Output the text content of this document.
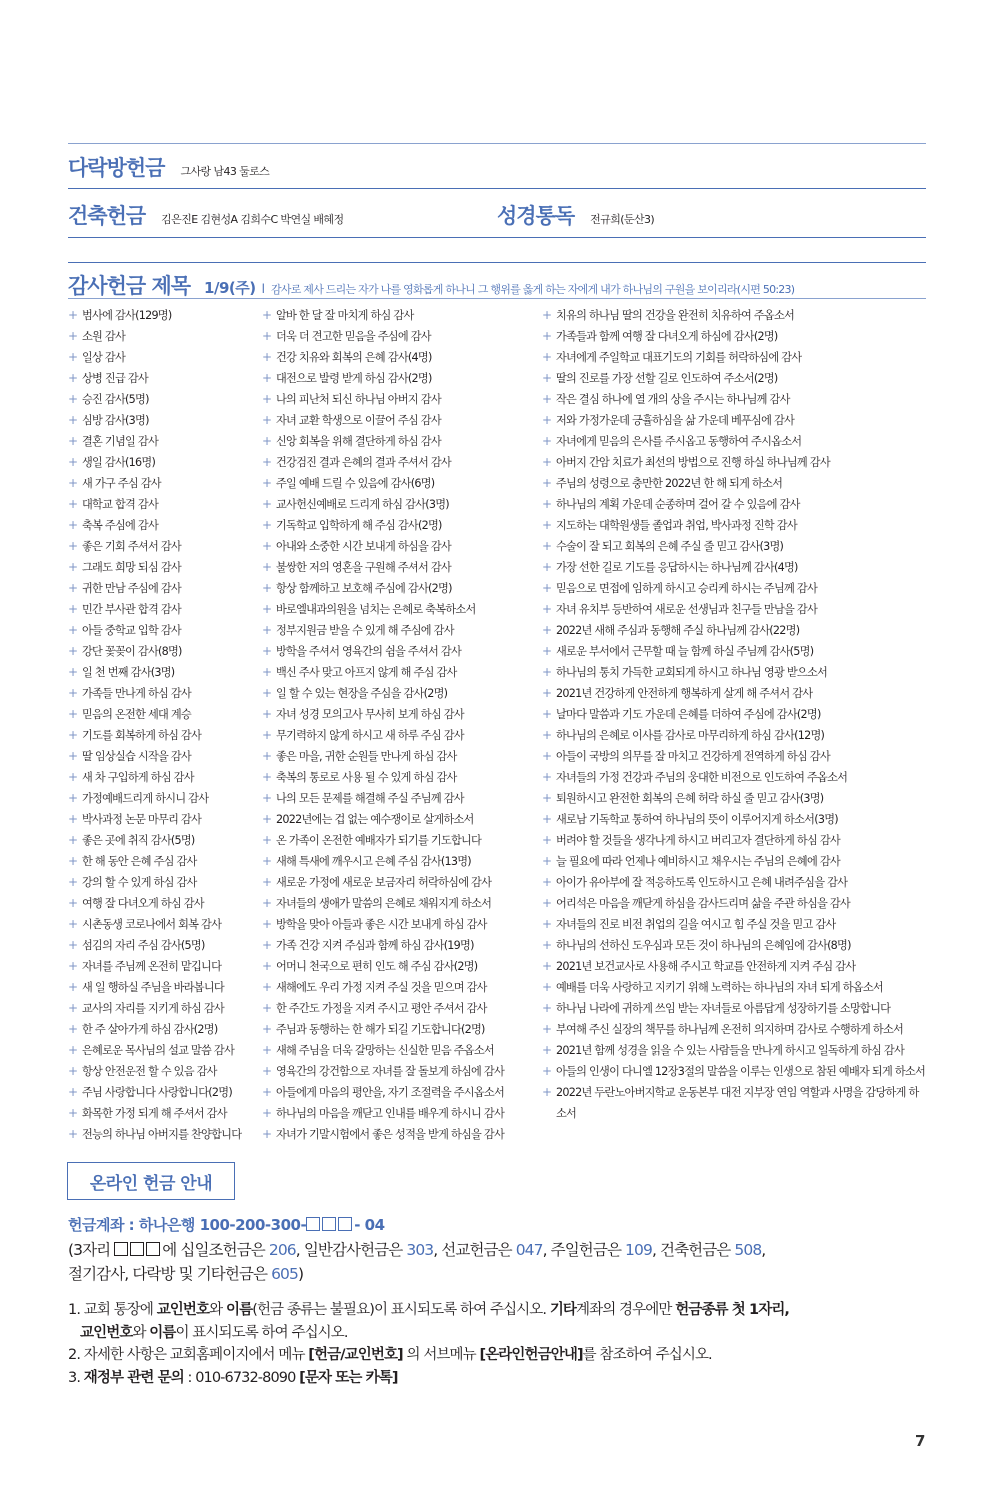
다락방헌금 그사랑 남43 둘로스
건축헌금 김은진E 김현성A 김희수C 박연실 배혜정	성경통독 전규희(둔산3)
감사헌금 제목 1/9(주) l 감사로 제사 드리는 자가 나를 영화롭게 하나니 그 행위를 옳게 하는 자에게 내가 하나님의 구원을 보이리라(시편 50:23)
+ 범사에 감사(129명)
+ 소원 감사
+ 일상 감사
+ 상병 진급 감사
+ 승진 감사(5명)
+ 심방 감사(3명)
+ 결혼 기념일 감사
+ 생일 감사(16명)
+ 새 가구 주심 감사
+ 대학교 합격 감사
+ 축복 주심에 감사
+ 좋은 기회 주셔서 감사
+ 그래도 희망 되심 감사
+ 귀한 만남 주심에 감사
+ 민간 부사관 합격 감사
+ 아들 중학교 입학 감사
+ 강단 꽃꽂이 감사(8명)
+ 일 천 번째 감사(3명)
+ 가족들 만나게 하심 감사
+ 믿음의 온전한 세대 계승
+ 기도를 회복하게 하심 감사
+ 딸 임상실습 시작을 감사
+ 새 차 구입하게 하심 감사
+ 가정예배드리게 하시니 감사
+ 박사과정 논문 마무리 감사
+ 좋은 곳에 취직 감사(5명)
+ 한 해 동안 은혜 주심 감사
+ 강의 할 수 있게 하심 감사
+ 여행 잘 다녀오게 하심 감사
+ 시촌동생 코로나에서 회복 감사
+ 섬김의 자리 주심 감사(5명)
+ 자녀를 주님께 온전히 맡깁니다
+ 새 일 행하실 주님을 바라봅니다
+ 교사의 자리를 지키게 하심 감사
+ 한 주 살아가게 하심 감사(2명)
+ 은혜로운 목사님의 설교 말씀 감사
+ 항상 안전운전 할 수 있음 감사
+ 주님 사랑합니다 사랑합니다(2명)
+ 화목한 가정 되게 해 주셔서 감사
+ 전능의 하나님 아버지를 찬양합니다
+ 알바 한 달 잘 마치게 하심 감사
+ 더욱 더 견고한 믿음을 주심에 감사
+ 건강 치유와 회복의 은혜 감사(4명)
+ 대전으로 발령 받게 하심 감사(2명)
+ 나의 피난처 되신 하나님 아버지 감사
+ 자녀 교환 학생으로 이끌어 주심 감사
+ 신앙 회복을 위해 결단하게 하심 감사
+ 건강검진 결과 은혜의 결과 주셔서 감사
+ 주일 예배 드릴 수 있음에 감사(6명)
+ 교사헌신예배로 드리게 하심 감사(3명)
+ 기독학교 입학하게 해 주심 감사(2명)
+ 아내와 소중한 시간 보내게 하심을 감사
+ 불쌍한 저의 영혼을 구원해 주셔서 감사
+ 항상 함께하고 보호해 주심에 감사(2명)
+ 바로엘내과의원을 넘치는 은혜로 축복하소서
+ 정부지원금 받을 수 있게 해 주심에 감사
+ 방학을 주셔서 영육간의 쉼을 주셔서 감사
+ 백신 주사 맞고 아프지 않게 해 주심 감사
+ 일 할 수 있는 현장을 주심을 감사(2명)
+ 자녀 성경 모의고사 무사히 보게 하심 감사
+ 무기력하지 않게 하시고 새 하루 주심 감사
+ 좋은 마을, 귀한 순원들 만나게 하심 감사
+ 축복의 통로로 사용 될 수 있게 하심 감사
+ 나의 모든 문제를 해결해 주실 주님께 감사
+ 2022년에는 겁 없는 예수쟁이로 살게하소서
+ 온 가족이 온전한 예배자가 되기를 기도합니다
+ 새해 특새에 깨우시고 은혜 주심 감사(13명)
+ 새로운 가정에 새로운 보금자리 허락하심에 감사
+ 자녀들의 생애가 말씀의 은혜로 채워지게 하소서
+ 방학을 맞아 아들과 좋은 시간 보내게 하심 감사
+ 가족 건강 지켜 주심과 함께 하심 감사(19명)
+ 어머니 천국으로 편히 인도 해 주심 감사(2명)
+ 새해에도 우리 가정 지켜 주실 것을 믿으며 감사
+ 한 주간도 가정을 지켜 주시고 평안 주셔서 감사
+ 주님과 동행하는 한 해가 되길 기도합니다(2명)
+ 새해 주님을 더욱 갈망하는 신실한 믿음 주옵소서
+ 영육간의 강건함으로 자녀를 잘 돌보게 하심에 감사
+ 아들에게 마음의 평안을, 자기 조절력을 주시옵소서
+ 하나님의 마음을 깨닫고 인내를 배우게 하시니 감사
+ 자녀가 기말시험에서 좋은 성적을 받게 하심을 감사
+ 치유의 하나님 딸의 건강을 완전히 치유하여 주옵소서
+ 가족들과 함께 여행 잘 다녀오게 하심에 감사(2명)
+ 자녀에게 주일학교 대표기도의 기회를 허락하심에 감사
+ 딸의 진로를 가장 선할 길로 인도하여 주소서(2명)
+ 작은 결심 하나에 열 개의 상을 주시는 하나님께 감사
+ 저와 가정가운데 긍휼하심을 삶 가운데 베푸심에 감사
+ 자녀에게 믿음의 은사를 주시옵고 동행하여 주시옵소서
+ 아버지 간암 치료가 최선의 방법으로 진행 하실 하나님께 감사
+ 주님의 성령으로 충만한 2022년 한 해 되게 하소서
+ 하나님의 계획 가운데 순종하며 걸어 갈 수 있음에 감사
+ 지도하는 대학원생들 졸업과 취업, 박사과정 진학 감사
+ 수술이 잘 되고 회복의 은혜 주실 줄 믿고 감사(3명)
+ 가장 선한 길로 기도를 응답하시는 하나님께 감사(4명)
+ 믿음으로 면접에 임하게 하시고 승리케 하시는 주님께 감사
+ 자녀 유치부 등반하여 새로운 선생님과 친구들 만남을 감사
+ 2022년 새해 주심과 동행해 주실 하나님께 감사(22명)
+ 새로운 부서에서 근무할 때 늘 함께 하실 주님께 감사(5명)
+ 하나님의 통치 가득한 교회되게 하시고 하나님 영광 받으소서
+ 2021년 건강하게 안전하게 행복하게 살게 해 주셔서 감사
+ 날마다 말씀과 기도 가운데 은혜를 더하여 주심에 감사(2명)
+ 하나님의 은혜로 이사를 감사로 마무리하게 하심 감사(12명)
+ 아들이 국방의 의무를 잘 마치고 건강하게 전역하게 하심 감사
+ 자녀들의 가정 건강과 주님의 웅대한 비전으로 인도하여 주옵소서
+ 퇴원하시고 완전한 회복의 은혜 허락 하실 줄 믿고 감사(3명)
+ 새로남 기독학교 통하여 하나님의 뜻이 이루어지게 하소서(3명)
+ 버려야 할 것들을 생각나게 하시고 버리고자 결단하게 하심 감사
+ 늘 필요에 따라 언제나 예비하시고 채우시는 주님의 은혜에 감사
+ 아이가 유아부에 잘 적응하도록 인도하시고 은혜 내려주심을 감사
+ 어리석은 마음을 깨닫게 하심을 감사드리며 삶을 주관 하심을 감사
+ 자녀들의 진로 비전 취업의 길을 여시고 힘 주실 것을 믿고 감사
+ 하나님의 선하신 도우심과 모든 것이 하나님의 은혜임에 감사(8명)
+ 2021년 보건교사로 사용해 주시고 학교를 안전하게 지켜 주심 감사
+ 예배를 더욱 사랑하고 지키기 위해 노력하는 하나님의 자녀 되게 하옵소서
+ 하나님 나라에 귀하게 쓰임 받는 자녀들로 아름답게 성장하기를 소망합니다
+ 부여해 주신 실장의 책무를 하나님께 온전히 의지하며 감사로 수행하게 하소서
+ 2021년 함께 성경을 읽을 수 있는 사람들을 만나게 하시고 일독하게 하심 감사
+ 아들의 인생이 다니엘 12장3절의 말씀을 이루는 인생으로 참된 예배자 되게 하소서
+ 2022년 두란노아버지학교 운동본부 대전 지부장 연임 역할과 사명을 감당하게 하소서
온라인 헌금 안내
헌금계좌 : 하나은행 100-200-300-	- 04
(3자리	에 십일조헌금은 206, 일반감사헌금은 303, 선교헌금은 047, 주일헌금은 109, 건축헌금은 508,
절기감사, 다락방 및 기타헌금은 605)
1. 교회 통장에 교인번호와 이름(헌금 종류는 불필요)이 표시되도록 하여 주십시오. 기타계좌의 경우에만 헌금종류 첫 1자리,
교인번호와 이름이 표시되도록 하여 주십시오.
2. 자세한 사항은 교회홈페이지에서 메뉴 [헌금/교인번호] 의 서브메뉴 [온라인헌금안내]를 참조하여 주십시오.
3. 재정부 관련 문의 : 010-6732-8090 [문자 또는 카톡]
7
